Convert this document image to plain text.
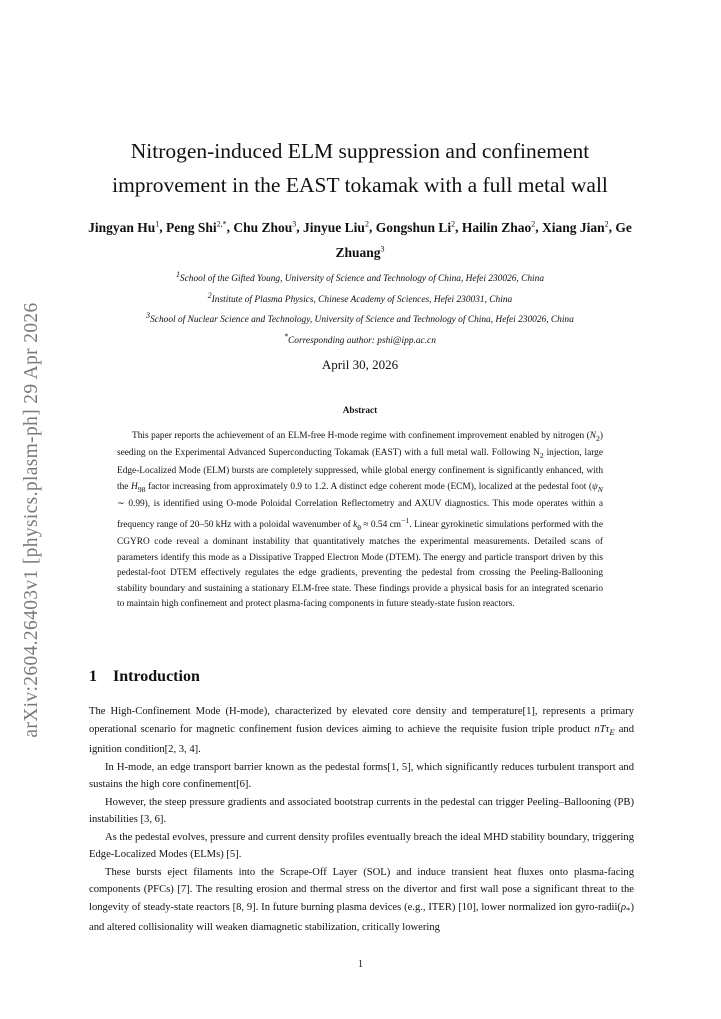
arXiv:2604.26403v1 [physics.plasm-ph] 29 Apr 2026
Nitrogen-induced ELM suppression and confinement
improvement in the EAST tokamak with a full metal wall
Jingyan Hu$^1$, Peng Shi$^{2,*}$, Chu Zhou$^3$, Jinyue Liu$^2$, Gongshun Li$^2$, Hailin Zhao$^2$, Xiang Jian$^2$, Ge Zhuang$^3$
$^1$School of the Gifted Young, University of Science and Technology of China, Hefei 230026, China
$^2$Institute of Plasma Physics, Chinese Academy of Sciences, Hefei 230031, China
$^3$School of Nuclear Science and Technology, University of Science and Technology of China, Hefei 230026, China
*Corresponding author: pshi@ipp.ac.cn
April 30, 2026
Abstract

This paper reports the achievement of an ELM-free H-mode regime with confinement improvement enabled by nitrogen $(N_2)$ seeding on the Experimental Advanced Superconducting Tokamak (EAST) with a full metal wall. Following $N_2$ injection, large Edge-Localized Mode (ELM) bursts are completely suppressed, while global energy confinement is significantly enhanced, with the $H_{98}$ factor increasing from approximately 0.9 to 1.2. A distinct edge coherent mode (ECM), localized at the pedestal foot ($\psi_N$ ∼ 0.99), is identified using O-mode Poloidal Correlation Reflectometry and AXUV diagnostics. This mode operates within a frequency range of 20–50 kHz with a poloidal wavenumber of $k_\theta \approx 0.54$ $cm^{-1}$. Linear gyrokinetic simulations performed with the CGYRO code reveal a dominant instability that quantitatively matches the experimental measurements. Detailed scans of parameters identify this mode as a Dissipative Trapped Electron Mode (DTEM). The energy and particle transport driven by this pedestal-foot DTEM effectively regulates the edge gradients, preventing the pedestal from crossing the Peeling-Ballooning stability boundary and sustaining a stationary ELM-free state. These findings provide a physical basis for an integrated scenario to maintain high confinement and protect plasma-facing components in future steady-state fusion reactors.

1 Introduction

The High-Confinement Mode (H-mode), characterized by elevated core density and temperature[1], represents a primary operational scenario for magnetic confinement fusion devices aiming to achieve the requisite fusion triple product nTτ$_E$ and ignition condition[2, 3, 4].

In H-mode, an edge transport barrier known as the pedestal forms[1, 5], which significantly reduces turbulent transport and sustains the high core confinement[6].

However, the steep pressure gradients and associated bootstrap currents in the pedestal can trigger Peeling–Ballooning (PB) instabilities [3, 6].

As the pedestal evolves, pressure and current density profiles eventually breach the ideal MHD stability boundary, triggering Edge-Localized Modes (ELMs) [5].

These bursts eject filaments into the Scrape-Off Layer (SOL) and induce transient heat fluxes onto plasma-facing components (PFCs) [7]. The resulting erosion and thermal stress on the divertor and first wall pose a significant threat to the longevity of steady-state reactors [8, 9]. In future burning plasma devices (e.g., ITER) [10], lower normalized ion gyro-$radii(\rho_*)$ and altered collisionality will weaken diamagnetic stabilization, critically lowering

1
